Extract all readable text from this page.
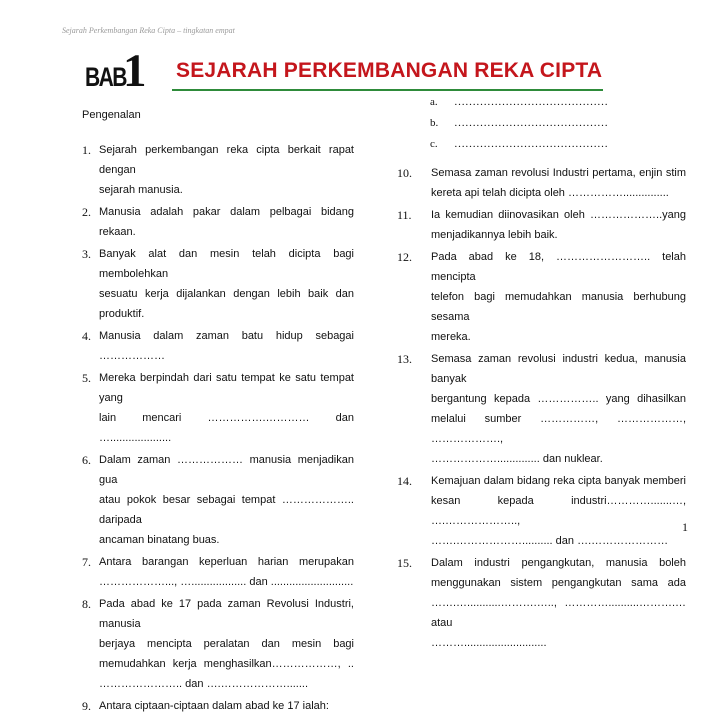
Sejarah Perkembangan Reka Cipta – tingkatan empat
BAB
1 SEJARAH PERKEMBANGAN REKA CIPTA
Pengenalan
1. Sejarah perkembangan reka cipta berkait rapat dengan
sejarah manusia.
2. Manusia adalah pakar dalam pelbagai bidang rekaan.
3. Banyak alat dan mesin telah dicipta bagi membolehkan
sesuatu kerja dijalankan dengan lebih baik dan produktif.
4. Manusia dalam zaman batu hidup sebagai ………………
5. Mereka berpindah dari satu tempat ke satu tempat yang
lain mencari …………….………… dan …....................
6. Dalam zaman ……………… manusia menjadikan gua
atau pokok besar sebagai tempat ……………….. daripada
ancaman binatang buas.
7. Antara barangan keperluan harian merupakan
………………..., ….................. dan ...........................
8. Pada abad ke 17 pada zaman Revolusi Industri, manusia
berjaya mencipta peralatan dan mesin bagi
memudahkan kerja menghasilkan………………, ..
………………….. dan ….……………….......
9. Antara ciptaan-ciptaan dalam abad ke 17 ialah:
a. ……………………………………
b. ……………………………………
c. ……………………………………
10. Semasa zaman revolusi Industri pertama, enjin stim
kereta api telah dicipta oleh ……………...............
11. Ia kemudian diinovasikan oleh ………………..yang
menjadikannya lebih baik.
12. Pada abad ke 18, …………………….. telah mencipta
telefon bagi memudahkan manusia berhubung sesama
mereka.
13. Semasa zaman revolusi industri kedua, manusia banyak
bergantung kepada …………….. yang dihasilkan
melalui sumber ……………, ………………, ……………….,
……………….............. dan nuklear.
14. Kemajuan dalam bidang reka cipta banyak memberi
kesan kepada industri………….......…, ….………………..,
…….……………….......... dan ….…………………
15. Dalam industri pengangkutan, manusia boleh
menggunakan sistem pengangkutan sama ada
…….…...........……….….., …………..........……….… atau
………...........................
1
